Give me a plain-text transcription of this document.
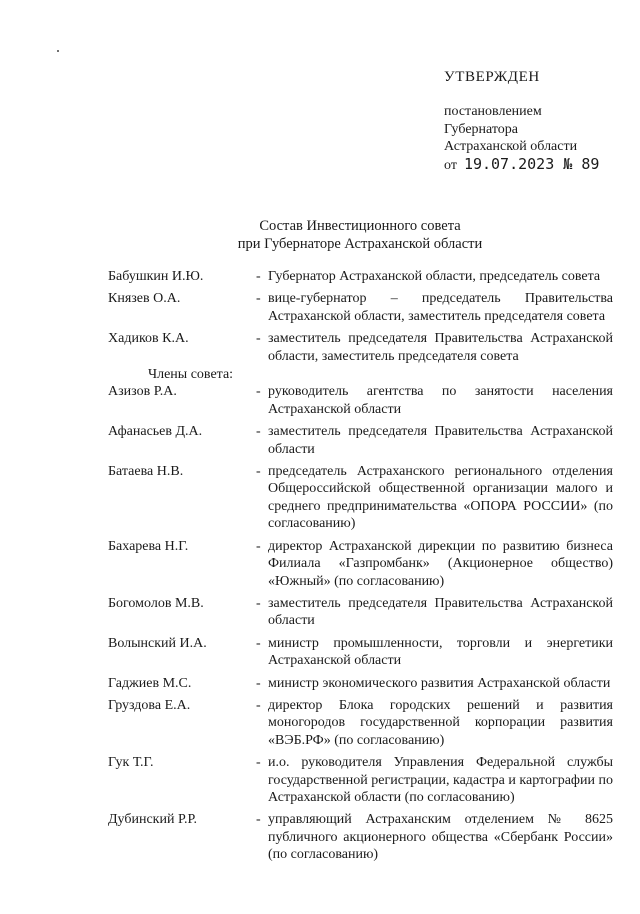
УТВЕРЖДЕН
постановлением
Губернатора
Астраханской области
от 19.07.2023 № 89
Состав Инвестиционного совета
при Губернаторе Астраханской области
Бабушкин И.Ю.	- Губернатор Астраханской области, председатель совета
Князев О.А.	- вице-губернатор – председатель Правительства Астраханской области, заместитель председателя совета
Хадиков К.А.	- заместитель председателя Правительства Астраханской области, заместитель председателя совета
Члены совета:
Азизов Р.А.	- руководитель агентства по занятости населения Астраханской области
Афанасьев Д.А.	- заместитель председателя Правительства Астраханской области
Батаева Н.В.	- председатель Астраханского регионального отделения Общероссийской общественной организации малого и среднего предпринимательства «ОПОРА РОССИИ» (по согласованию)
Бахарева Н.Г.	- директор Астраханской дирекции по развитию бизнеса Филиала «Газпромбанк» (Акционерное общество) «Южный» (по согласованию)
Богомолов М.В.	- заместитель председателя Правительства Астраханской области
Волынский И.А.	- министр промышленности, торговли и энергетики Астраханской области
Гаджиев М.С.	- министр экономического развития Астраханской области
Груздова Е.А.	- директор Блока городских решений и развития моногородов государственной корпорации развития «ВЭБ.РФ» (по согласованию)
Гук Т.Г.	- и.о. руководителя Управления Федеральной службы государственной регистрации, кадастра и картографии по Астраханской области (по согласованию)
Дубинский Р.Р.	- управляющий Астраханским отделением № 8625 публичного акционерного общества «Сбербанк России» (по согласованию)
